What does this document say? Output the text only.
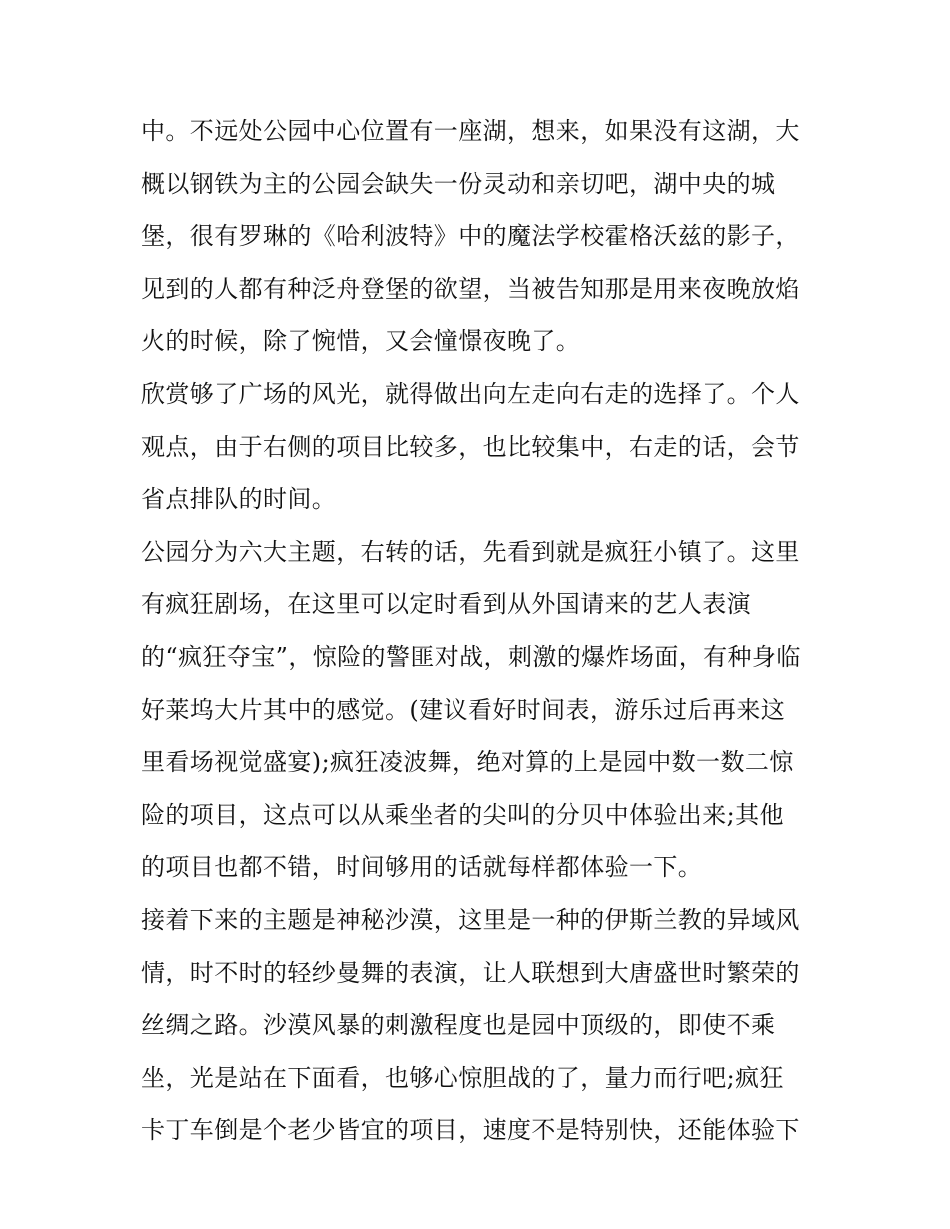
中。不远处公园中心位置有一座湖，想来，如果没有这湖，大
概以钢铁为主的公园会缺失一份灵动和亲切吧，湖中央的城
堡，很有罗琳的《哈利波特》中的魔法学校霍格沃兹的影子，
见到的人都有种泛舟登堡的欲望，当被告知那是用来夜晚放焰
火的时候，除了惋惜，又会憧憬夜晚了。
欣赏够了广场的风光，就得做出向左走向右走的选择了。个人
观点，由于右侧的项目比较多，也比较集中，右走的话，会节
省点排队的时间。
公园分为六大主题，右转的话，先看到就是疯狂小镇了。这里
有疯狂剧场，在这里可以定时看到从外国请来的艺人表演
的“疯狂夺宝”，惊险的警匪对战，刺激的爆炸场面，有种身临
好莱坞大片其中的感觉。(建议看好时间表，游乐过后再来这
里看场视觉盛宴);疯狂凌波舞，绝对算的上是园中数一数二惊
险的项目，这点可以从乘坐者的尖叫的分贝中体验出来;其他
的项目也都不错，时间够用的话就每样都体验一下。
接着下来的主题是神秘沙漠，这里是一种的伊斯兰教的异域风
情，时不时的轻纱曼舞的表演，让人联想到大唐盛世时繁荣的
丝绸之路。沙漠风暴的刺激程度也是园中顶级的，即使不乘
坐，光是站在下面看，也够心惊胆战的了，量力而行吧;疯狂
卡丁车倒是个老少皆宜的项目，速度不是特别快，还能体验下
